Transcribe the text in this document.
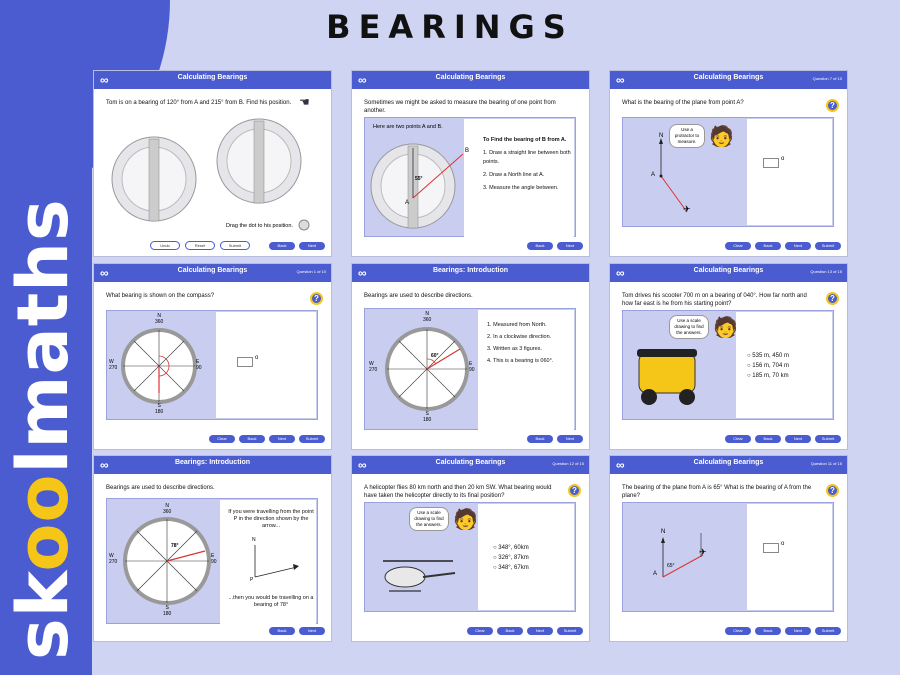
skoolmaths
BEARINGS
∞	Calculating Bearings
Tom is on a bearing of 120° from A and 215° from B. Find his position. ☚
Drag the dot to his position.
Undo	Reset	Submit	Back	Next
∞	Calculating Bearings
Sometimes we might be asked to measure the bearing of one point from another.
Here are two points A and B.
B
A
55°
To Find the bearing of B from A.
1. Draw a straight line between both points.
2. Draw a North line at A.
3. Measure the angle between.
Back	Next
∞	Calculating Bearings	Question 7 of 10
What is the bearing of the plane from point A?	?
N
A
✈
Use a protractor to measure. 🧑
o
Clear	Back	Next	Submit
∞	Calculating Bearings	Question 1 of 10
What bearing is shown on the compass?	?
N
360
S
180
E
90
W
270
o
Clear	Back	Next	Submit
∞	Bearings: Introduction
Bearings are used to describe directions.
N
360
S
180
E
90
W
270
60°
1. Measured from North.
2. In a clockwise direction.
3. Written as 3 figures.
4. This is a bearing is 060°.
Back	Next
∞	Calculating Bearings	Question 13 of 15
Tom drives his scooter 700 m on a bearing of 040°. How far north and how far east is he from his starting point?
?
Use a scale drawing to find the answers. 🧑
○ 535 m, 450 m
○ 156 m, 704 m
○ 185 m, 70 km
Clear	Back	Next	Submit
∞	Bearings: Introduction
Bearings are used to describe directions.
N
360
S
180
E
90
W
270
78°
If you were travelling from the point P in the direction shown by the arrow...
N
P
...then you would be travelling on a bearing of 78°
Back	Next
∞	Calculating Bearings	Question 12 of 15
A helicopter flies 80 km north and then 20 km SW. What bearing would have taken the helicopter directly to its final position?
?
Use a scale drawing to find the answers. 🧑
○ 348°, 60km
○ 326°, 87km
○ 348°, 67km
Clear	Back	Next	Submit
∞	Calculating Bearings	Question 11 of 15
The bearing of the plane from A is 65° What is the bearing of A from the plane?
?
N
A
65°
✈
o
Clear	Back	Next	Submit
